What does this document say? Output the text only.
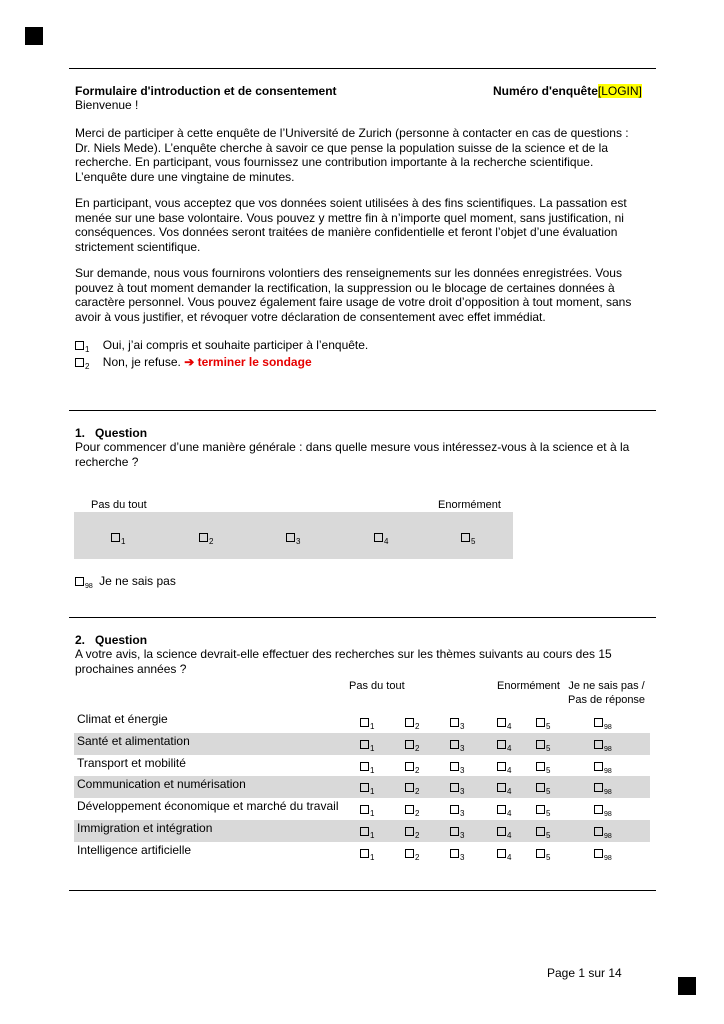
Formulaire d'introduction et de consentement	Numéro d'enquête[LOGIN]
Bienvenue !
Merci de participer à cette enquête de l’Université de Zurich (personne à contacter en cas de questions :
Dr. Niels Mede). L’enquête cherche à savoir ce que pense la population suisse de la science et de la
recherche. En participant, vous fournissez une contribution importante à la recherche scientifique.
L’enquête dure une vingtaine de minutes.
En participant, vous acceptez que vos données soient utilisées à des fins scientifiques. La passation est
menée sur une base volontaire. Vous pouvez y mettre fin à n’importe quel moment, sans justification, ni
conséquences. Vos données seront traitées de manière confidentielle et feront l’objet d’une évaluation
strictement scientifique.
Sur demande, nous vous fournirons volontiers des renseignements sur les données enregistrées. Vous
pouvez à tout moment demander la rectification, la suppression ou le blocage de certaines données à
caractère personnel. Vous pouvez également faire usage de votre droit d’opposition à tout moment, sans
avoir à vous justifier, et révoquer votre déclaration de consentement avec effet immédiat.
$_1$ Oui, j’ai compris et souhaite participer à l’enquête.
$_2$ Non, je refuse. ➔ terminer le sondage
1. Question
Pour commencer d’une manière générale : dans quelle mesure vous intéressez-vous à la science et à la
recherche ?
Pas du tout	Enormément
$_1$	$_2$	$_3$	$_4$	$_5$
$_{98}$ Je ne sais pas
2. Question
A votre avis, la science devrait-elle effectuer des recherches sur les thèmes suivants au cours des 15
prochaines années ?
Pas du tout	Enormément Je ne sais pas /
Pas de réponse
Climat et énergie
$_1$	$_2$	$_3$	$_4$	$_5$	$_{98}$
Santé et alimentation
$_1$	$_2$	$_3$	$_4$	$_5$	$_{98}$
Transport et mobilité
$_1$	$_2$	$_3$	$_4$	$_5$	$_{98}$
Communication et numérisation
$_1$	$_2$	$_3$	$_4$	$_5$	$_{98}$
Développement économique et marché du travail
$_1$	$_2$	$_3$	$_4$	$_5$	$_{98}$
Immigration et intégration
$_1$	$_2$	$_3$	$_4$	$_5$	$_{98}$
Intelligence artificielle
$_1$	$_2$	$_3$	$_4$	$_5$	$_{98}$
Page 1 sur 14
